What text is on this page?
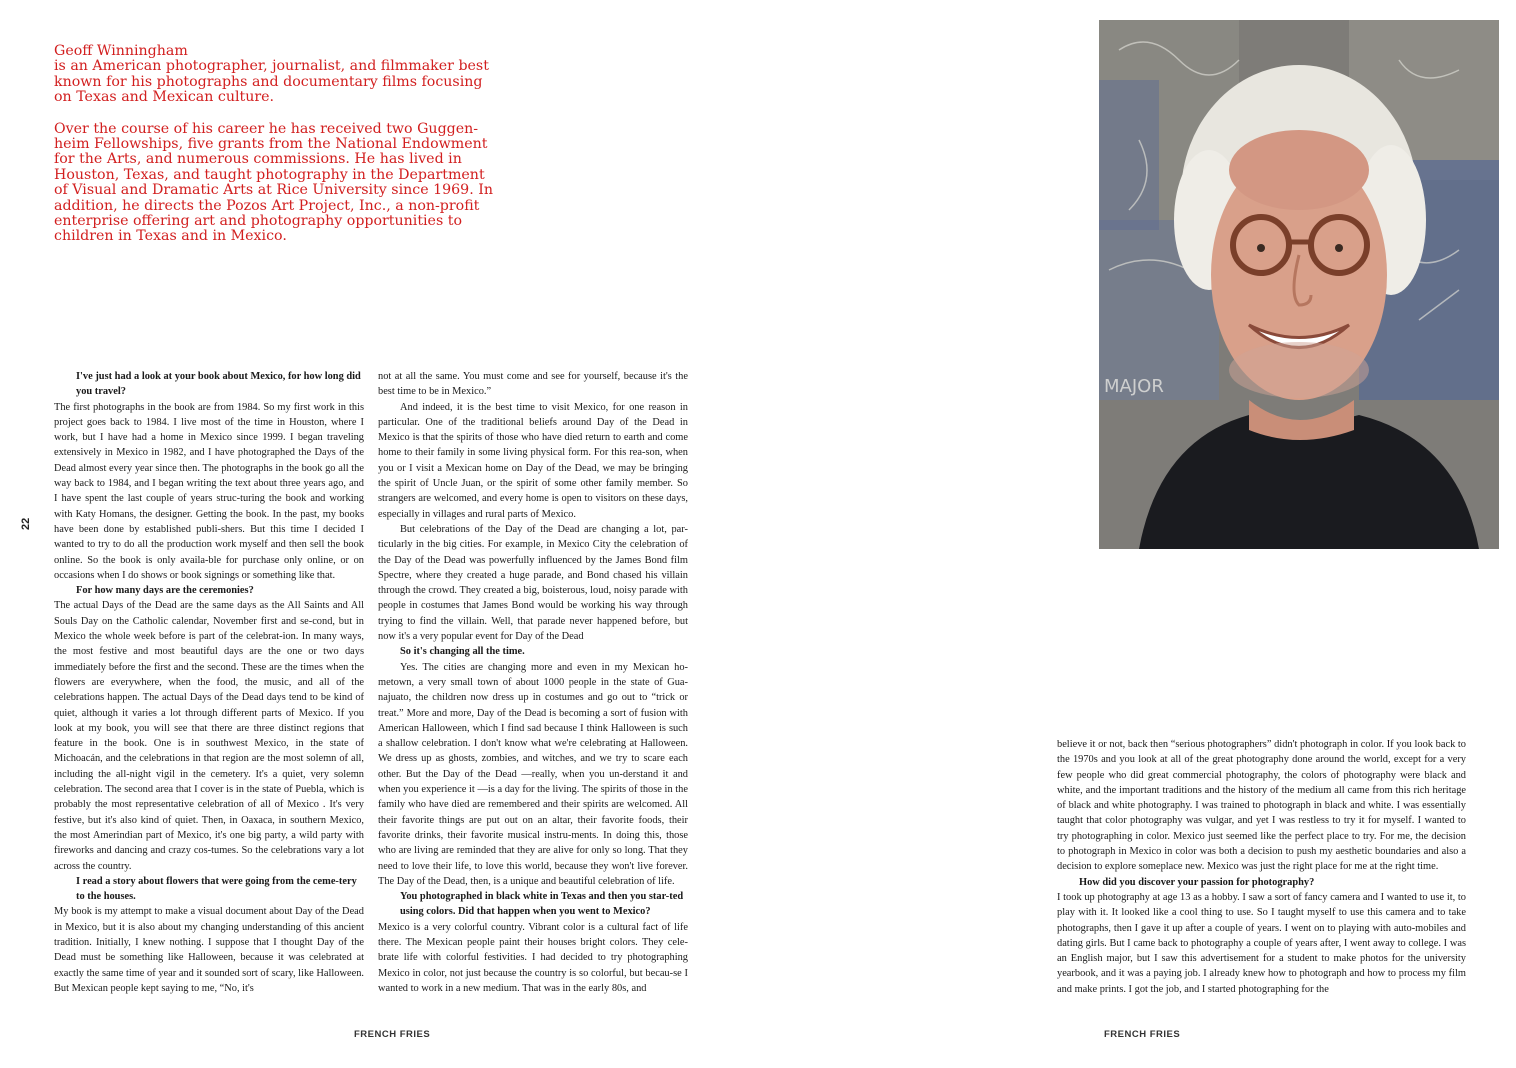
Geoff Winningham
is an American photographer, journalist, and filmmaker best known for his photographs and documentary films focusing on Texas and Mexican culture.

Over the course of his career he has received two Guggen-heim Fellowships, five grants from the National Endowment for the Arts, and numerous commissions. He has lived in Houston, Texas, and taught photography in the Department of Visual and Dramatic Arts at Rice University since 1969. In addition, he directs the Pozos Art Project, Inc., a non-profit enterprise offering art and photography opportunities to children in Texas and in Mexico.

22

I've just had a look at your book about Mexico, for how long did you travel?

The first photographs in the book are from 1984. So my first work in this project goes back to 1984. I live most of the time in Houston, where I work, but I have had a home in Mexico since 1999. I began traveling extensively in Mexico in 1982, and I have photographed the Days of the Dead almost every year since then. The photographs in the book go all the way back to 1984, and I began writing the text about three years ago, and I have spent the last couple of years struc-turing the book and working with Katy Homans, the designer. Getting the book. In the past, my books have been done by established publi-shers. But this time I decided I wanted to try to do all the production work myself and then sell the book online. So the book is only availa-ble for purchase only online, or on occasions when I do shows or book signings or something like that.

For how many days are the ceremonies?

The actual Days of the Dead are the same days as the All Saints and All Souls Day on the Catholic calendar, November first and se-cond, but in Mexico the whole week before is part of the celebrat-ion. In many ways, the most festive and most beautiful days are the one or two days immediately before the first and the second. These are the times when the flowers are everywhere, when the food, the music, and all of the celebrations happen. The actual Days of the Dead days tend to be kind of quiet, although it varies a lot through different parts of Mexico. If you look at my book, you will see that there are three distinct regions that feature in the book. One is in southwest Mexico, in the state of Michoacán, and the celebrations in that region are the most solemn of all, including the all-night vigil in the cemetery. It's a quiet, very solemn celebration. The second area that I cover is in the state of Puebla, which is probably the most representative celebration of all of Mexico . It's very festive, but it's also kind of quiet. Then, in Oaxaca, in southern Mexico, the most Amerindian part of Mexico, it's one big party, a wild party with fireworks and dancing and crazy cos-tumes. So the celebrations vary a lot across the country.

I read a story about flowers that were going from the ceme-tery to the houses.

My book is my attempt to make a visual document about Day of the Dead in Mexico, but it is also about my changing understanding of this ancient tradition. Initially, I knew nothing. I suppose that I thought Day of the Dead must be something like Halloween, because it was celebrated at exactly the same time of year and it sounded sort of scary, like Halloween. But Mexican people kept saying to me, “No, it's

not at all the same. You must come and see for yourself, because it's the best time to be in Mexico.”

And indeed, it is the best time to visit Mexico, for one reason in particular. One of the traditional beliefs around Day of the Dead in Mexico is that the spirits of those who have died return to earth and come home to their family in some living physical form. For this rea-son, when you or I visit a Mexican home on Day of the Dead, we may be bringing the spirit of Uncle Juan, or the spirit of some other family member. So strangers are welcomed, and every home is open to visitors on these days, especially in villages and rural parts of Mexico.

But celebrations of the Day of the Dead are changing a lot, par-ticularly in the big cities. For example, in Mexico City the celebration of the Day of the Dead was powerfully influenced by the James Bond film Spectre, where they created a huge parade, and Bond chased his villain through the crowd. They created a big, boisterous, loud, noisy parade with people in costumes that James Bond would be working his way through trying to find the villain. Well, that parade never happened before, but now it's a very popular event for Day of the Dead

So it's changing all the time.

Yes. The cities are changing more and even in my Mexican ho-metown, a very small town of about 1000 people in the state of Gua-najuato, the children now dress up in costumes and go out to “trick or treat.” More and more, Day of the Dead is becoming a sort of fusion with American Halloween, which I find sad because I think Halloween is such a shallow celebration. I don't know what we're celebrating at Halloween. We dress up as ghosts, zombies, and witches, and we try to scare each other. But the Day of the Dead —really, when you un-derstand it and when you experience it —is a day for the living. The spirits of those in the family who have died are remembered and their spirits are welcomed. All their favorite things are put out on an altar, their favorite foods, their favorite drinks, their favorite musical instru-ments. In doing this, those who are living are reminded that they are alive for only so long. That they need to love their life, to love this world, because they won't live forever. The Day of the Dead, then, is a unique and beautiful celebration of life.

You photographed in black white in Texas and then you star-ted using colors. Did that happen when you went to Mexico?

Mexico is a very colorful country. Vibrant color is a cultural fact of life there. The Mexican people paint their houses bright colors. They cele-brate life with colorful festivities. I had decided to try photographing Mexico in color, not just because the country is so colorful, but becau-se I wanted to work in a new medium. That was in the early 80s, and

MAJOR

believe it or not, back then “serious photographers” didn't photograph in color. If you look back to the 1970s and you look at all of the great photography done around the world, except for a very few people who did great commercial photography, the colors of photography were black and white, and the important traditions and the history of the medium all came from this rich heritage of black and white photography. I was trained to photograph in black and white. I was essentially taught that color photography was vulgar, and yet I was restless to try it for myself. I wanted to try photographing in color. Mexico just seemed like the perfect place to try. For me, the decision to photograph in Mexico in color was both a decision to push my aesthetic boundaries and also a decision to explore someplace new. Mexico was just the right place for me at the right time.

How did you discover your passion for photography?

I took up photography at age 13 as a hobby. I saw a sort of fancy camera and I wanted to use it, to play with it. It looked like a cool thing to use. So I taught myself to use this camera and to take photographs, then I gave it up after a couple of years. I went on to playing with auto-mobiles and dating girls. But I came back to photography a couple of years after, I went away to college. I was an English major, but I saw this advertisement for a student to make photos for the university yearbook, and it was a paying job. I already knew how to photograph and how to process my film and make prints. I got the job, and I started photographing for the

FRENCH FRIES	FRENCH FRIES
